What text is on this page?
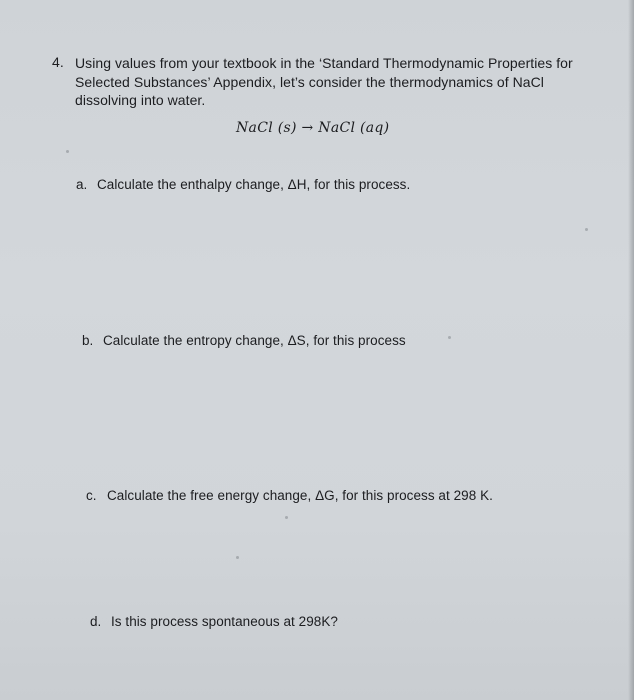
4. Using values from your textbook in the ‘Standard Thermodynamic Properties for Selected Substances’ Appendix, let’s consider the thermodynamics of NaCl dissolving into water.
NaCl (s) → NaCl (aq)
a. Calculate the enthalpy change, ΔH, for this process.
b. Calculate the entropy change, ΔS, for this process
c. Calculate the free energy change, ΔG, for this process at 298 K.
d. Is this process spontaneous at 298K?
